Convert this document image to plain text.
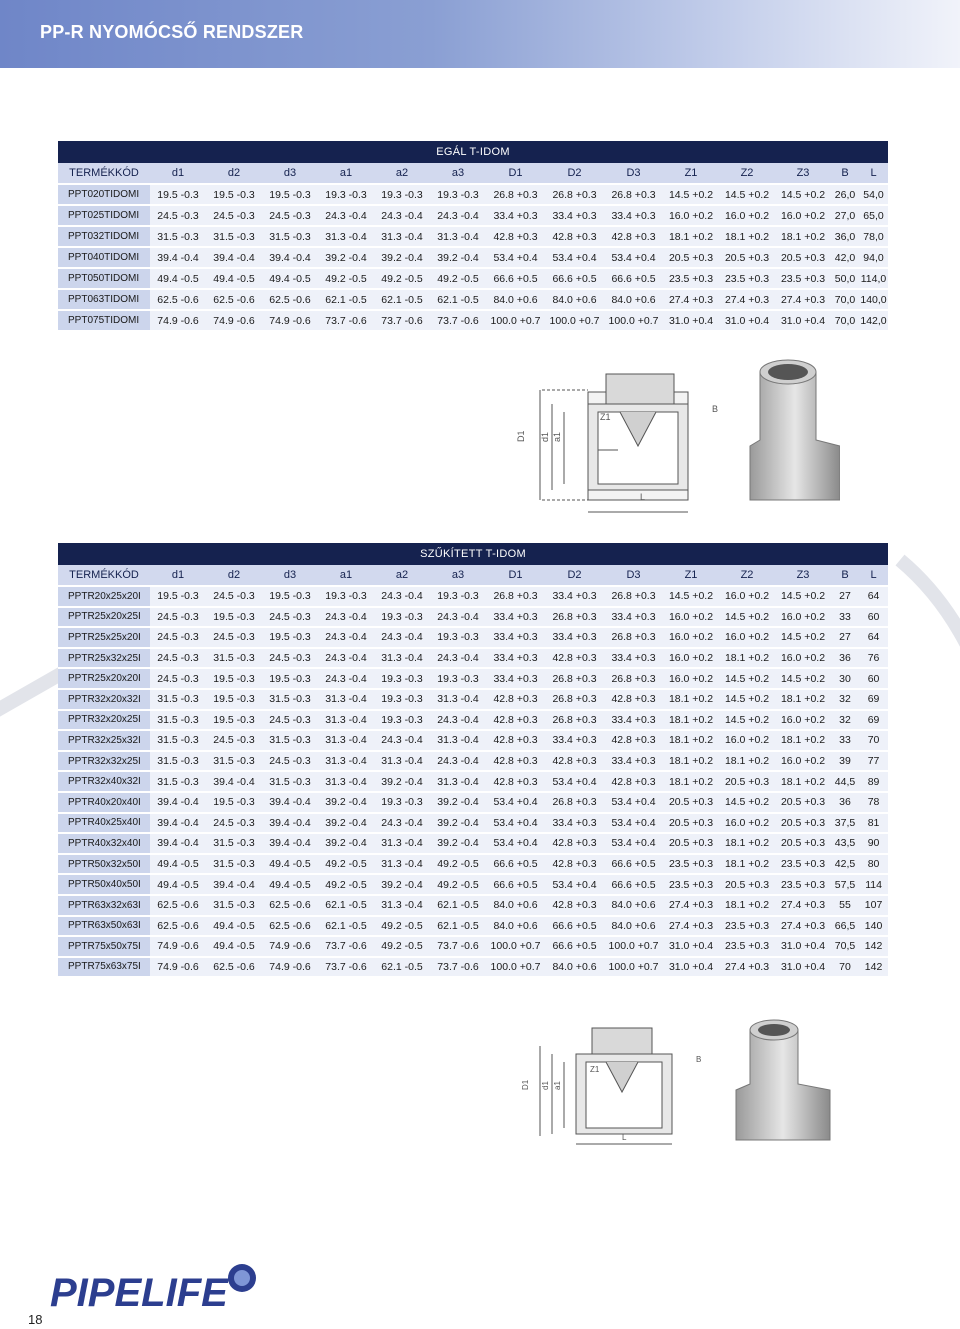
PP-R NYOMÓCSŐ RENDSZER
EGÁL T-IDOM														
TERMÉKKÓD	d1	d2	d3	a1	a2	a3	D1	D2	D3	Z1	Z2	Z3	B	L
PPT020TIDOMI	19.5 -0.3	19.5 -0.3	19.5 -0.3	19.3 -0.3	19.3 -0.3	19.3 -0.3	26.8 +0.3	26.8 +0.3	26.8 +0.3	14.5 +0.2	14.5 +0.2	14.5 +0.2	26,0	54,0
PPT025TIDOMI	24.5 -0.3	24.5 -0.3	24.5 -0.3	24.3 -0.4	24.3 -0.4	24.3 -0.4	33.4 +0.3	33.4 +0.3	33.4 +0.3	16.0 +0.2	16.0 +0.2	16.0 +0.2	27,0	65,0
PPT032TIDOMI	31.5 -0.3	31.5 -0.3	31.5 -0.3	31.3 -0.4	31.3 -0.4	31.3 -0.4	42.8 +0.3	42.8 +0.3	42.8 +0.3	18.1 +0.2	18.1 +0.2	18.1 +0.2	36,0	78,0
PPT040TIDOMI	39.4 -0.4	39.4 -0.4	39.4 -0.4	39.2 -0.4	39.2 -0.4	39.2 -0.4	53.4 +0.4	53.4 +0.4	53.4 +0.4	20.5 +0.3	20.5 +0.3	20.5 +0.3	42,0	94,0
PPT050TIDOMI	49.4 -0.5	49.4 -0.5	49.4 -0.5	49.2 -0.5	49.2 -0.5	49.2 -0.5	66.6 +0.5	66.6 +0.5	66.6 +0.5	23.5 +0.3	23.5 +0.3	23.5 +0.3	50,0	114,0
PPT063TIDOMI	62.5 -0.6	62.5 -0.6	62.5 -0.6	62.1 -0.5	62.1 -0.5	62.1 -0.5	84.0 +0.6	84.0 +0.6	84.0 +0.6	27.4 +0.3	27.4 +0.3	27.4 +0.3	70,0	140,0
PPT075TIDOMI	74.9 -0.6	74.9 -0.6	74.9 -0.6	73.7 -0.6	73.7 -0.6	73.7 -0.6	100.0 +0.7	100.0 +0.7	100.0 +0.7	31.0 +0.4	31.0 +0.4	31.0 +0.4	70,0	142,0
D1 d1 a1
Z1
B
L
SZŰKÍTETT T-IDOM														
TERMÉKKÓD	d1	d2	d3	a1	a2	a3	D1	D2	D3	Z1	Z2	Z3	B	L
PPTR20x25x20I	19.5 -0.3	24.5 -0.3	19.5 -0.3	19.3 -0.3	24.3 -0.4	19.3 -0.3	26.8 +0.3	33.4 +0.3	26.8 +0.3	14.5 +0.2	16.0 +0.2	14.5 +0.2	27	64
PPTR25x20x25I	24.5 -0.3	19.5 -0.3	24.5 -0.3	24.3 -0.4	19.3 -0.3	24.3 -0.4	33.4 +0.3	26.8 +0.3	33.4 +0.3	16.0 +0.2	14.5 +0.2	16.0 +0.2	33	60
PPTR25x25x20I	24.5 -0.3	24.5 -0.3	19.5 -0.3	24.3 -0.4	24.3 -0.4	19.3 -0.3	33.4 +0.3	33.4 +0.3	26.8 +0.3	16.0 +0.2	16.0 +0.2	14.5 +0.2	27	64
PPTR25x32x25I	24.5 -0.3	31.5 -0.3	24.5 -0.3	24.3 -0.4	31.3 -0.4	24.3 -0.4	33.4 +0.3	42.8 +0.3	33.4 +0.3	16.0 +0.2	18.1 +0.2	16.0 +0.2	36	76
PPTR25x20x20I	24.5 -0.3	19.5 -0.3	19.5 -0.3	24.3 -0.4	19.3 -0.3	19.3 -0.3	33.4 +0.3	26.8 +0.3	26.8 +0.3	16.0 +0.2	14.5 +0.2	14.5 +0.2	30	60
PPTR32x20x32I	31.5 -0.3	19.5 -0.3	31.5 -0.3	31.3 -0.4	19.3 -0.3	31.3 -0.4	42.8 +0.3	26.8 +0.3	42.8 +0.3	18.1 +0.2	14.5 +0.2	18.1 +0.2	32	69
PPTR32x20x25I	31.5 -0.3	19.5 -0.3	24.5 -0.3	31.3 -0.4	19.3 -0.3	24.3 -0.4	42.8 +0.3	26.8 +0.3	33.4 +0.3	18.1 +0.2	14.5 +0.2	16.0 +0.2	32	69
PPTR32x25x32I	31.5 -0.3	24.5 -0.3	31.5 -0.3	31.3 -0.4	24.3 -0.4	31.3 -0.4	42.8 +0.3	33.4 +0.3	42.8 +0.3	18.1 +0.2	16.0 +0.2	18.1 +0.2	33	70
PPTR32x32x25I	31.5 -0.3	31.5 -0.3	24.5 -0.3	31.3 -0.4	31.3 -0.4	24.3 -0.4	42.8 +0.3	42.8 +0.3	33.4 +0.3	18.1 +0.2	18.1 +0.2	16.0 +0.2	39	77
PPTR32x40x32I	31.5 -0.3	39.4 -0.4	31.5 -0.3	31.3 -0.4	39.2 -0.4	31.3 -0.4	42.8 +0.3	53.4 +0.4	42.8 +0.3	18.1 +0.2	20.5 +0.3	18.1 +0.2	44,5	89
PPTR40x20x40I	39.4 -0.4	19.5 -0.3	39.4 -0.4	39.2 -0.4	19.3 -0.3	39.2 -0.4	53.4 +0.4	26.8 +0.3	53.4 +0.4	20.5 +0.3	14.5 +0.2	20.5 +0.3	36	78
PPTR40x25x40I	39.4 -0.4	24.5 -0.3	39.4 -0.4	39.2 -0.4	24.3 -0.4	39.2 -0.4	53.4 +0.4	33.4 +0.3	53.4 +0.4	20.5 +0.3	16.0 +0.2	20.5 +0.3	37,5	81
PPTR40x32x40I	39.4 -0.4	31.5 -0.3	39.4 -0.4	39.2 -0.4	31.3 -0.4	39.2 -0.4	53.4 +0.4	42.8 +0.3	53.4 +0.4	20.5 +0.3	18.1 +0.2	20.5 +0.3	43,5	90
PPTR50x32x50I	49.4 -0.5	31.5 -0.3	49.4 -0.5	49.2 -0.5	31.3 -0.4	49.2 -0.5	66.6 +0.5	42.8 +0.3	66.6 +0.5	23.5 +0.3	18.1 +0.2	23.5 +0.3	42,5	80
PPTR50x40x50I	49.4 -0.5	39.4 -0.4	49.4 -0.5	49.2 -0.5	39.2 -0.4	49.2 -0.5	66.6 +0.5	53.4 +0.4	66.6 +0.5	23.5 +0.3	20.5 +0.3	23.5 +0.3	57,5	114
PPTR63x32x63I	62.5 -0.6	31.5 -0.3	62.5 -0.6	62.1 -0.5	31.3 -0.4	62.1 -0.5	84.0 +0.6	42.8 +0.3	84.0 +0.6	27.4 +0.3	18.1 +0.2	27.4 +0.3	55	107
PPTR63x50x63I	62.5 -0.6	49.4 -0.5	62.5 -0.6	62.1 -0.5	49.2 -0.5	62.1 -0.5	84.0 +0.6	66.6 +0.5	84.0 +0.6	27.4 +0.3	23.5 +0.3	27.4 +0.3	66,5	140
PPTR75x50x75I	74.9 -0.6	49.4 -0.5	74.9 -0.6	73.7 -0.6	49.2 -0.5	73.7 -0.6	100.0 +0.7	66.6 +0.5	100.0 +0.7	31.0 +0.4	23.5 +0.3	31.0 +0.4	70,5	142
PPTR75x63x75I	74.9 -0.6	62.5 -0.6	74.9 -0.6	73.7 -0.6	62.1 -0.5	73.7 -0.6	100.0 +0.7	84.0 +0.6	100.0 +0.7	31.0 +0.4	27.4 +0.3	31.0 +0.4	70	142
D1 d1 a1
Z1
B
L
PIPELIFE
18
